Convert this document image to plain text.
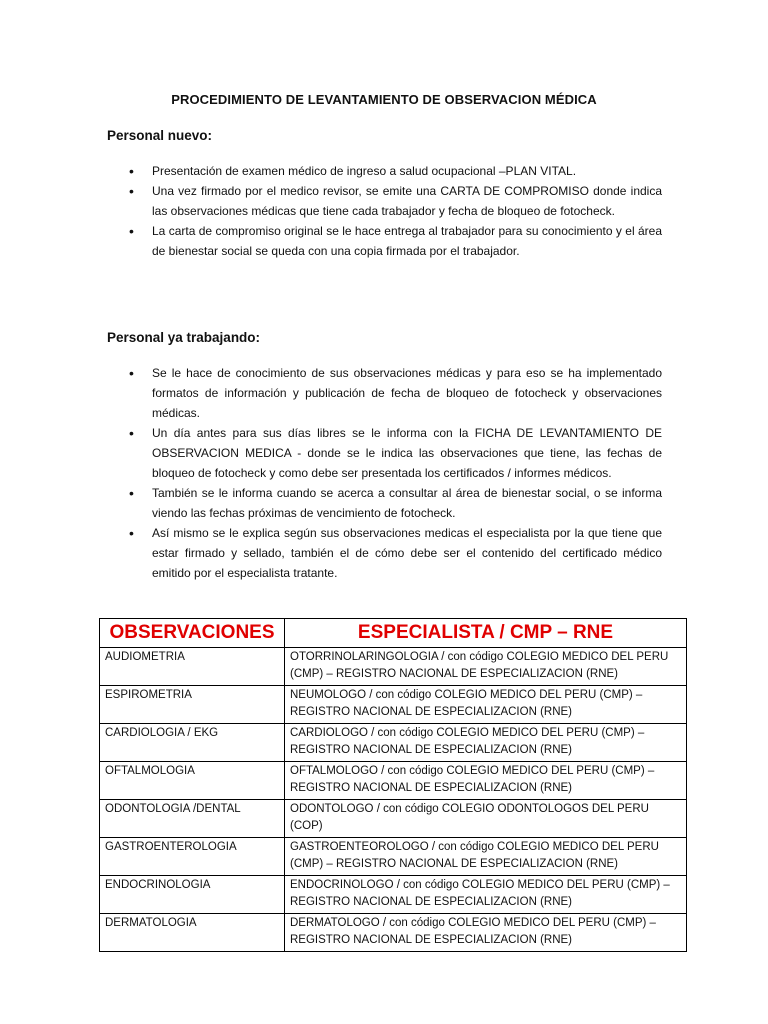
PROCEDIMIENTO DE LEVANTAMIENTO DE OBSERVACION MÉDICA
Personal nuevo:
• Presentación de examen médico de ingreso a salud ocupacional –PLAN VITAL.
• Una vez firmado por el medico revisor, se emite una CARTA DE COMPROMISO donde indica las observaciones médicas que tiene cada trabajador y fecha de bloqueo de fotocheck.
• La carta de compromiso original se le hace entrega al trabajador para su conocimiento y el área de bienestar social se queda con una copia firmada por el trabajador.
Personal ya trabajando:
• Se le hace de conocimiento de sus observaciones médicas y para eso se ha implementado formatos de información y publicación de fecha de bloqueo de fotocheck y observaciones médicas.
• Un día antes para sus días libres se le informa con la FICHA DE LEVANTAMIENTO DE OBSERVACION MEDICA - donde se le indica las observaciones que tiene, las fechas de bloqueo de fotocheck y como debe ser presentada los certificados / informes médicos.
• También se le informa cuando se acerca a consultar al área de bienestar social, o se informa viendo las fechas próximas de vencimiento de fotocheck.
• Así mismo se le explica según sus observaciones medicas el especialista por la que tiene que estar firmado y sellado, también el de cómo debe ser el contenido del certificado médico emitido por el especialista tratante.
OBSERVACIONES	ESPECIALISTA / CMP – RNE
AUDIOMETRIA	OTORRINOLARINGOLOGIA / con código COLEGIO MEDICO DEL PERU (CMP) – REGISTRO NACIONAL DE ESPECIALIZACION (RNE)
ESPIROMETRIA	NEUMOLOGO / con código COLEGIO MEDICO DEL PERU (CMP) – REGISTRO NACIONAL DE ESPECIALIZACION (RNE)
CARDIOLOGIA / EKG	CARDIOLOGO / con código COLEGIO MEDICO DEL PERU (CMP) – REGISTRO NACIONAL DE ESPECIALIZACION (RNE)
OFTALMOLOGIA	OFTALMOLOGO / con código COLEGIO MEDICO DEL PERU (CMP) – REGISTRO NACIONAL DE ESPECIALIZACION (RNE)
ODONTOLOGIA /DENTAL	ODONTOLOGO / con código COLEGIO ODONTOLOGOS DEL PERU (COP)
GASTROENTEROLOGIA	GASTROENTEOROLOGO / con código COLEGIO MEDICO DEL PERU (CMP) – REGISTRO NACIONAL DE ESPECIALIZACION (RNE)
ENDOCRINOLOGIA	ENDOCRINOLOGO / con código COLEGIO MEDICO DEL PERU (CMP) – REGISTRO NACIONAL DE ESPECIALIZACION (RNE)
DERMATOLOGIA	DERMATOLOGO / con código COLEGIO MEDICO DEL PERU (CMP) – REGISTRO NACIONAL DE ESPECIALIZACION (RNE)
